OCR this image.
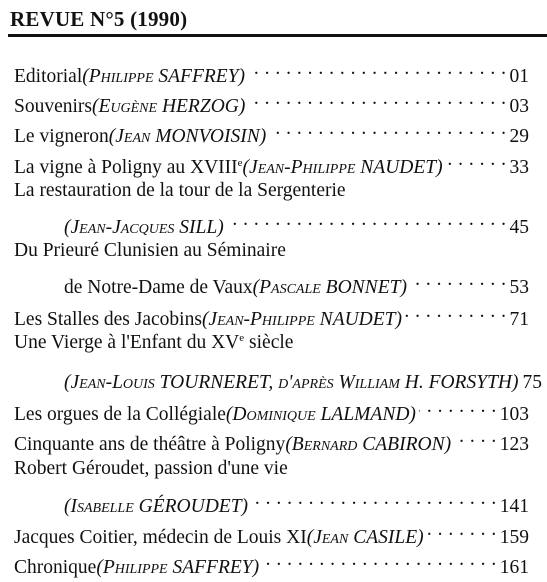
REVUE N°5 (1990)
Editorial (Philippe SAFFREY) . . .	01
Souvenirs (Eugène HERZOG) . . .	03
Le vigneron (Jean MONVOISIN) . . .	29
La vigne à Poligny au XVIIIe (Jean-Philippe NAUDET) . . .	33
La restauration de la tour de la Sergenterie
(Jean-Jacques SILL) . . .	45
Du Prieuré Clunisien au Séminaire
de Notre-Dame de Vaux (Pascale BONNET) . . .	53
Les Stalles des Jacobins (Jean-Philippe NAUDET) . . .	71
Une Vierge à l'Enfant du XVe siècle
(Jean-Louis TOURNERET, d'après William H. FORSYTH) 75
Les orgues de la Collégiale (Dominique LALMAND) . . .	103
Cinquante ans de théâtre à Poligny (Bernard CABIRON) . . . 123
Robert Géroudet, passion d'une vie
(Isabelle GÉROUDET) . . .	141
Jacques Coitier, médecin de Louis XI (Jean CASILE) . . .	159
Chronique (Philippe SAFFREY) . . .	161
